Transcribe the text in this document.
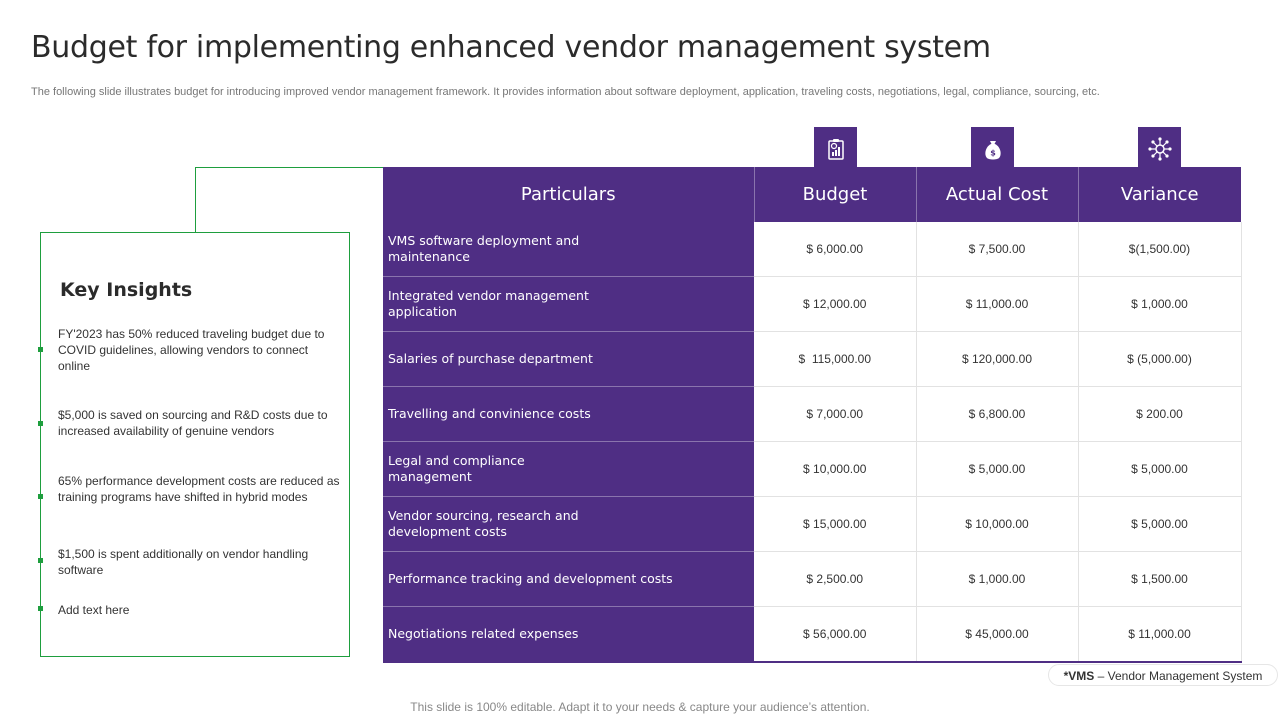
Budget for implementing enhanced vendor management system
The following slide illustrates budget for introducing improved vendor management framework. It provides information about software deployment, application, traveling costs, negotiations, legal, compliance, sourcing, etc.
Key Insights
FY'2023 has 50% reduced traveling budget due to COVID guidelines, allowing vendors to connect online
$5,000 is saved on sourcing and R&D costs due to increased availability of genuine vendors
65% performance development costs are reduced as training programs have shifted in hybrid modes
$1,500 is spent additionally on vendor handling software
Add text here
$
Particulars	Budget	Actual Cost	Variance
VMS software deployment and maintenance	$ 6,000.00	$ 7,500.00	$(1,500.00)
Integrated vendor management application	$ 12,000.00	$ 11,000.00	$ 1,000.00
Salaries of purchase department	$  115,000.00	$ 120,000.00	$ (5,000.00)
Travelling and convinience costs	$ 7,000.00	$ 6,800.00	$ 200.00
Legal and compliance management	$ 10,000.00	$ 5,000.00	$ 5,000.00
Vendor sourcing, research and development costs	$ 15,000.00	$ 10,000.00	$ 5,000.00
Performance tracking and development costs	$ 2,500.00	$ 1,000.00	$ 1,500.00
Negotiations related expenses	$ 56,000.00	$ 45,000.00	$ 11,000.00
*VMS – Vendor Management System
This slide is 100% editable. Adapt it to your needs & capture your audience’s attention.
